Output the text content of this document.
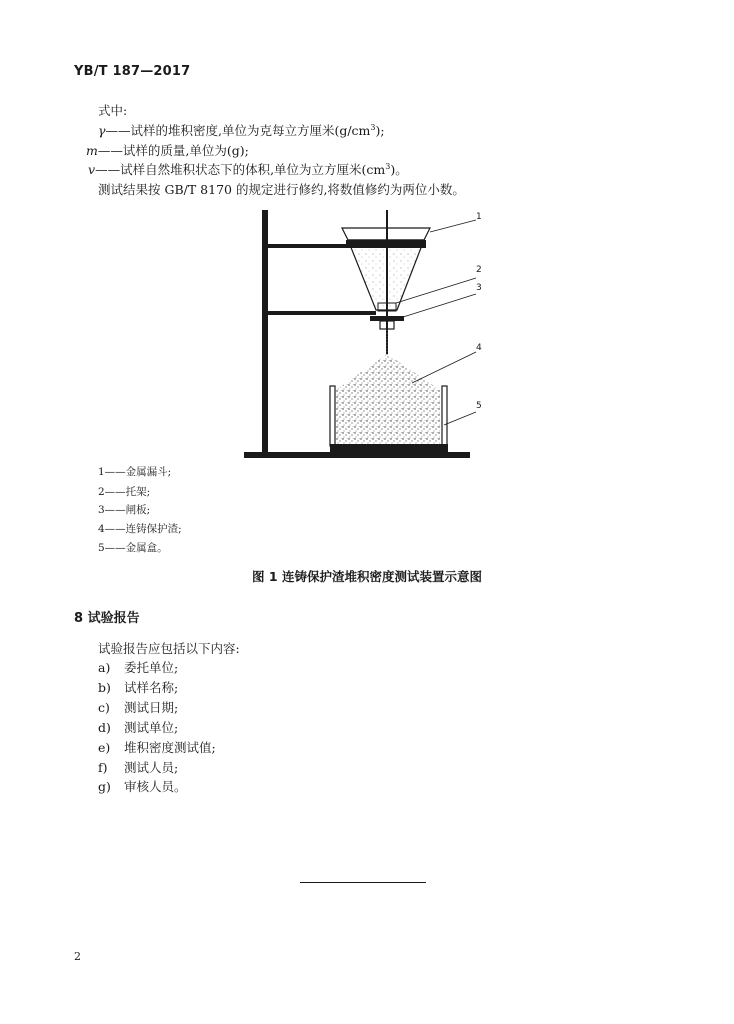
YB/T 187—2017
式中:
γ——试样的堆积密度,单位为克每立方厘米$(g/cm^3)$;
m——试样的质量,单位为(g);
v——试样自然堆积状态下的体积,单位为立方厘米$(cm^3)$。
测试结果按 GB/T 8170 的规定进行修约,将数值修约为两位小数。
1
2
3
4
5
1——金属漏斗;
2——托架;
3——闸板;
4——连铸保护渣;
5——金属盒。
图 1 连铸保护渣堆积密度测试装置示意图
8 试验报告
试验报告应包括以下内容:
a) 委托单位;
b) 试样名称;
c) 测试日期;
d) 测试单位;
e) 堆积密度测试值;
f) 测试人员;
g) 审核人员。
2
